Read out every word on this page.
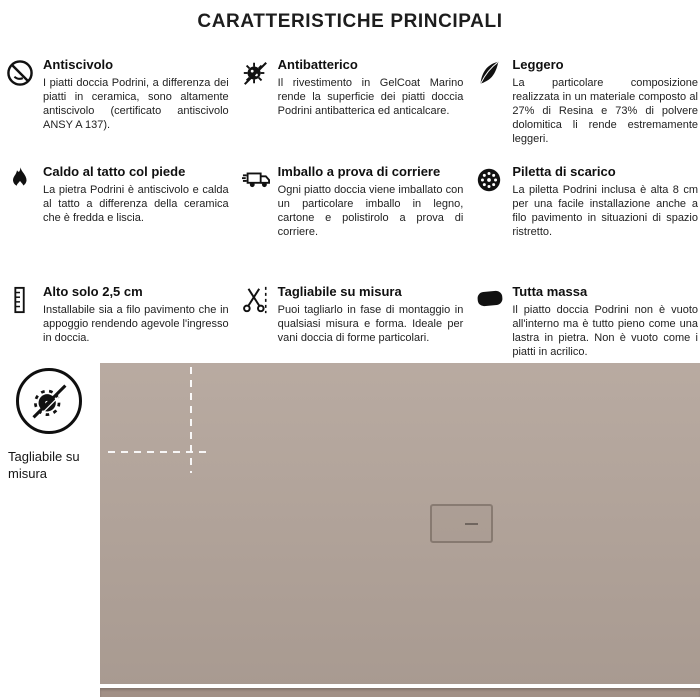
CARATTERISTICHE PRINCIPALI

Antiscivolo

I piatti doccia Podrini, a differenza dei piatti in ceramica, sono altamente antiscivolo (certificato antiscivolo ANSY A 137).

Antibatterico

Il rivestimento in GelCoat Marino rende la superficie dei piatti doccia Podrini antibatterica ed anticalcare.

Leggero

La particolare composizione realizzata in un materiale composto al 27% di Resina e 73% di polvere dolomitica li rende estremamente leggeri.

Caldo al tatto col piede

La pietra Podrini è antiscivolo e calda al tatto a differenza della ceramica che è fredda e liscia.

Imballo a prova di corriere

Ogni piatto doccia viene imballato con un particolare imballo in legno, cartone e polistirolo a prova di corriere.

Piletta di scarico

La piletta Podrini inclusa è alta 8 cm per una facile installazione anche a filo pavimento in situazioni di spazio ristretto.

Alto solo 2,5 cm

Installabile sia a filo pavimento che in appoggio rendendo agevole l'ingresso in doccia.

Tagliabile su misura

Puoi tagliarlo in fase di montaggio in qualsiasi misura e forma. Ideale per vani doccia di forme particolari.

Tutta massa

Il piatto doccia Podrini non è vuoto all'interno ma è tutto pieno come una lastra in pietra. Non è vuoto come i piatti in acrilico.

Tagliabile su misura
